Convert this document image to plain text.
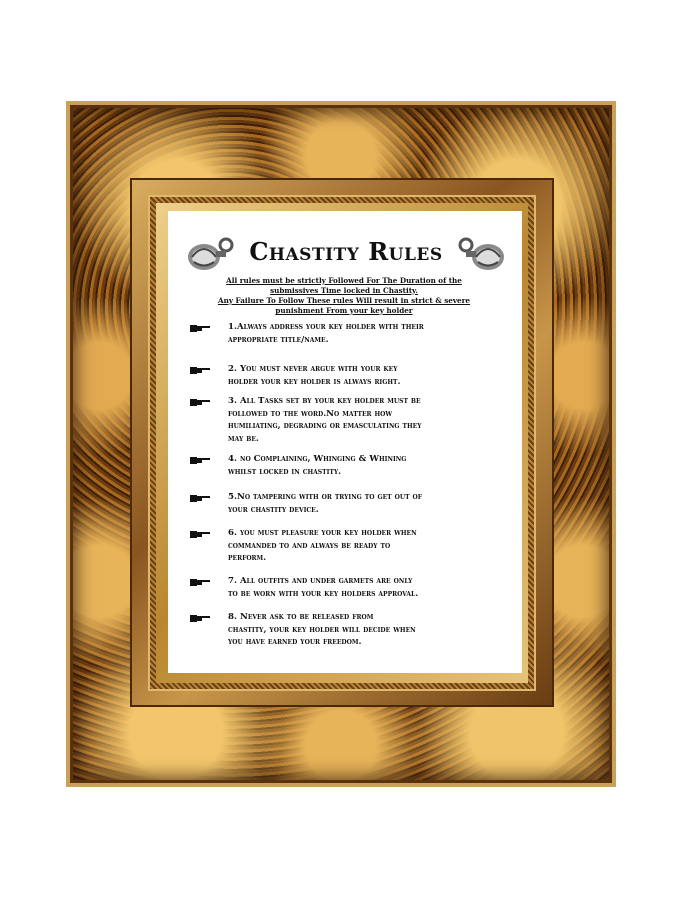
Chastity Rules
All rules must be strictly Followed For The Duration of the
submissives Time locked in Chastity.
Any Failure To Follow These rules Will result in strict & severe
punishment From your key holder
1.Always address your key holder with their
appropriate title/name.
2. You must never argue with your key
holder your key holder is always right.
3. All Tasks set by your key holder must be
followed to the word.No matter how
humiliating, degrading or emasculating they
may be.
4. no Complaining, Whinging & Whining
whilst locked in chastity.
5.No tampering with or trying to get out of
your chastity device.
6. you must pleasure your key holder when
commanded to and always be ready to
perform.
7. All outfits and under garmets are only
to be worn with your key holders approval.
8. Never ask to be released from
chastity, your key holder will decide when
you have earned your freedom.
